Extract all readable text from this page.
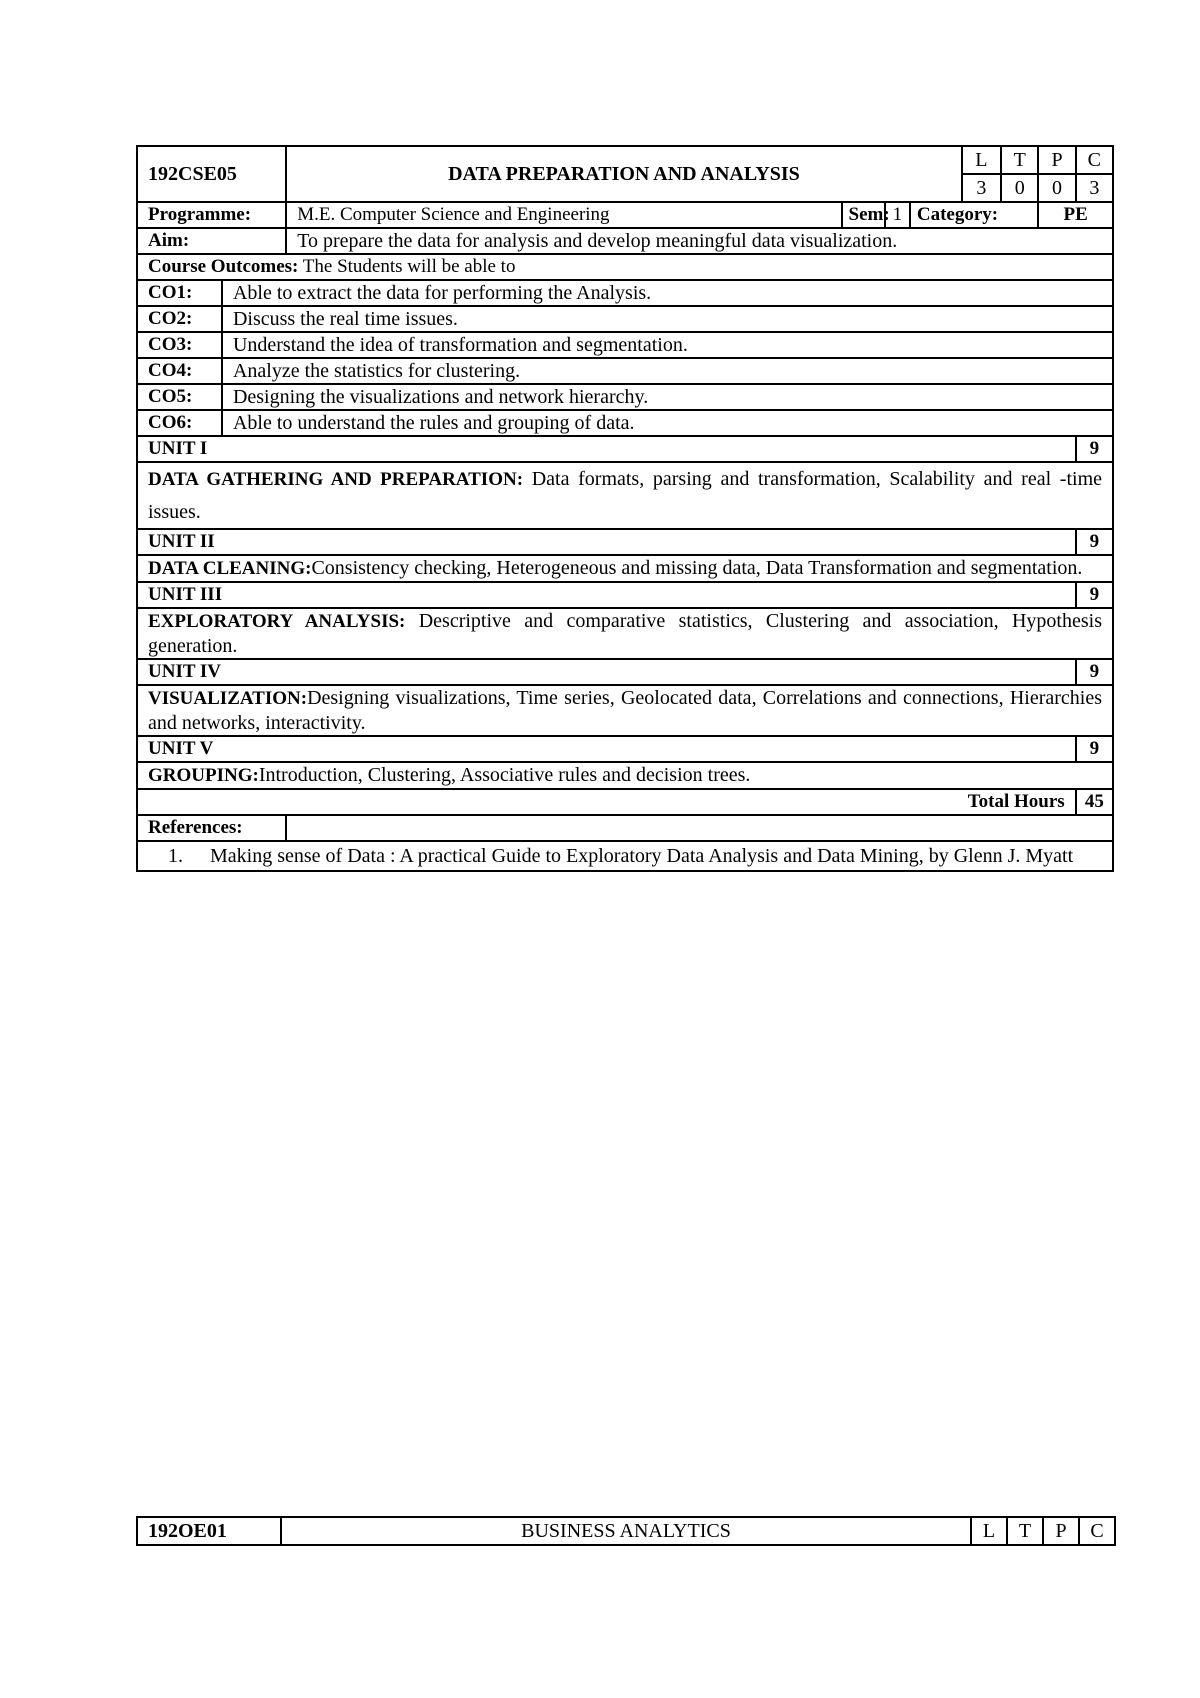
192CSE05		DATA PREPARATION AND ANALYSIS				L	T	P	C
						3	0	0	3
Programme:		M.E. Computer Science and Engineering	Sem:	1	Category:			PE	
Aim:		To prepare the data for analysis and develop meaningful data visualization.							
Course Outcomes: The Students will be able to									
CO1:	Able to extract the data for performing the Analysis.								
CO2:	Discuss the real time issues.								
CO3:	Understand the idea of transformation and segmentation.								
CO4:	Analyze the statistics for clustering.								
CO5:	Designing the visualizations and network hierarchy.								
CO6:	Able to understand the rules and grouping of data.								
UNIT I									9
DATA GATHERING AND PREPARATION: Data formats, parsing and transformation, Scalability and real -time issues.									
UNIT II									9
DATA CLEANING:Consistency checking, Heterogeneous and missing data, Data Transformation and segmentation.									
UNIT III									9
EXPLORATORY ANALYSIS: Descriptive and comparative statistics, Clustering and association, Hypothesis generation.									
UNIT IV									9
VISUALIZATION:Designing visualizations, Time series, Geolocated data, Correlations and connections, Hierarchies and networks, interactivity.									
UNIT V									9
GROUPING:Introduction, Clustering, Associative rules and decision trees.									
Total Hours									45
References:									

1. Making sense of Data : A practical Guide to Exploratory Data Analysis and Data Mining, by Glenn J. Myatt									
192OE01	BUSINESS ANALYTICS	L	T	P	C
